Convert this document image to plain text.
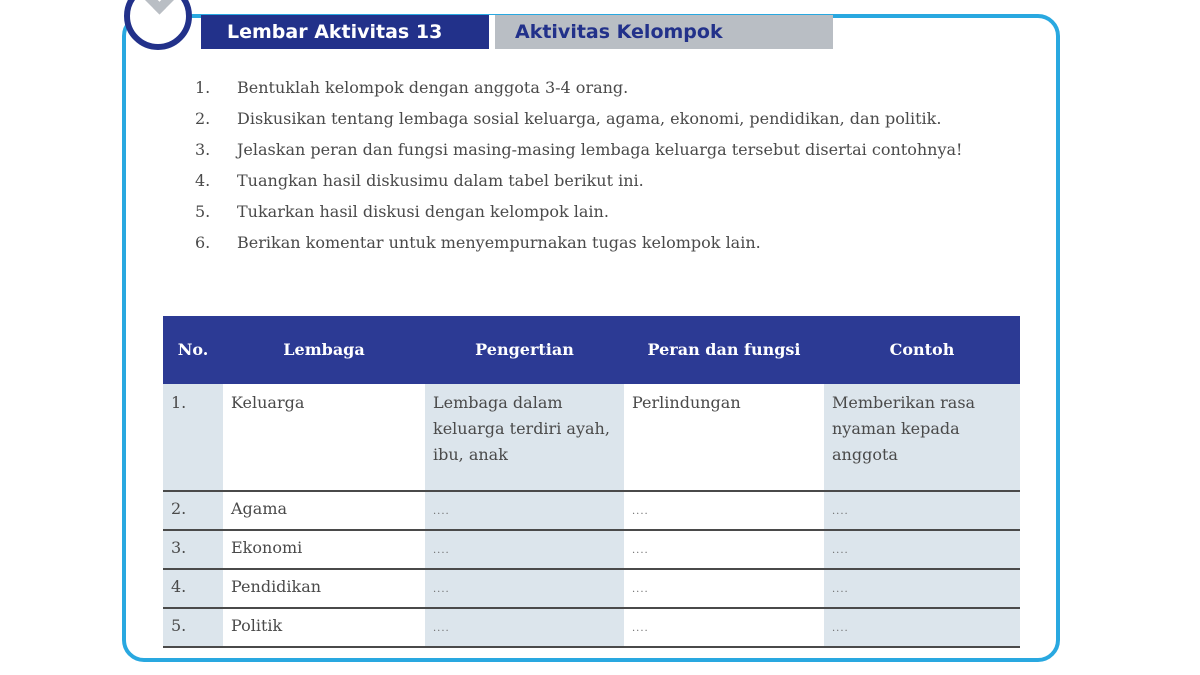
Lembar Aktivitas 13	Aktivitas Kelompok
1.	Bentuklah kelompok dengan anggota 3-4 orang.
2.	Diskusikan tentang lembaga sosial keluarga, agama, ekonomi, pendidikan, dan politik.
3.	Jelaskan peran dan fungsi masing-masing lembaga keluarga tersebut disertai contohnya!
4.	Tuangkan hasil diskusimu dalam tabel berikut ini.
5.	Tukarkan hasil diskusi dengan kelompok lain.
6.	Berikan komentar untuk menyempurnakan tugas kelompok lain.
No.	Lembaga	Pengertian	Peran dan fungsi	Contoh
1.	Keluarga	Lembaga dalam keluarga terdiri ayah, ibu, anak	Perlindungan	Memberikan rasa nyaman kepada anggota
2.	Agama	....	....	....
3.	Ekonomi	....	....	....
4.	Pendidikan	....	....	....
5.	Politik	....	....	....
